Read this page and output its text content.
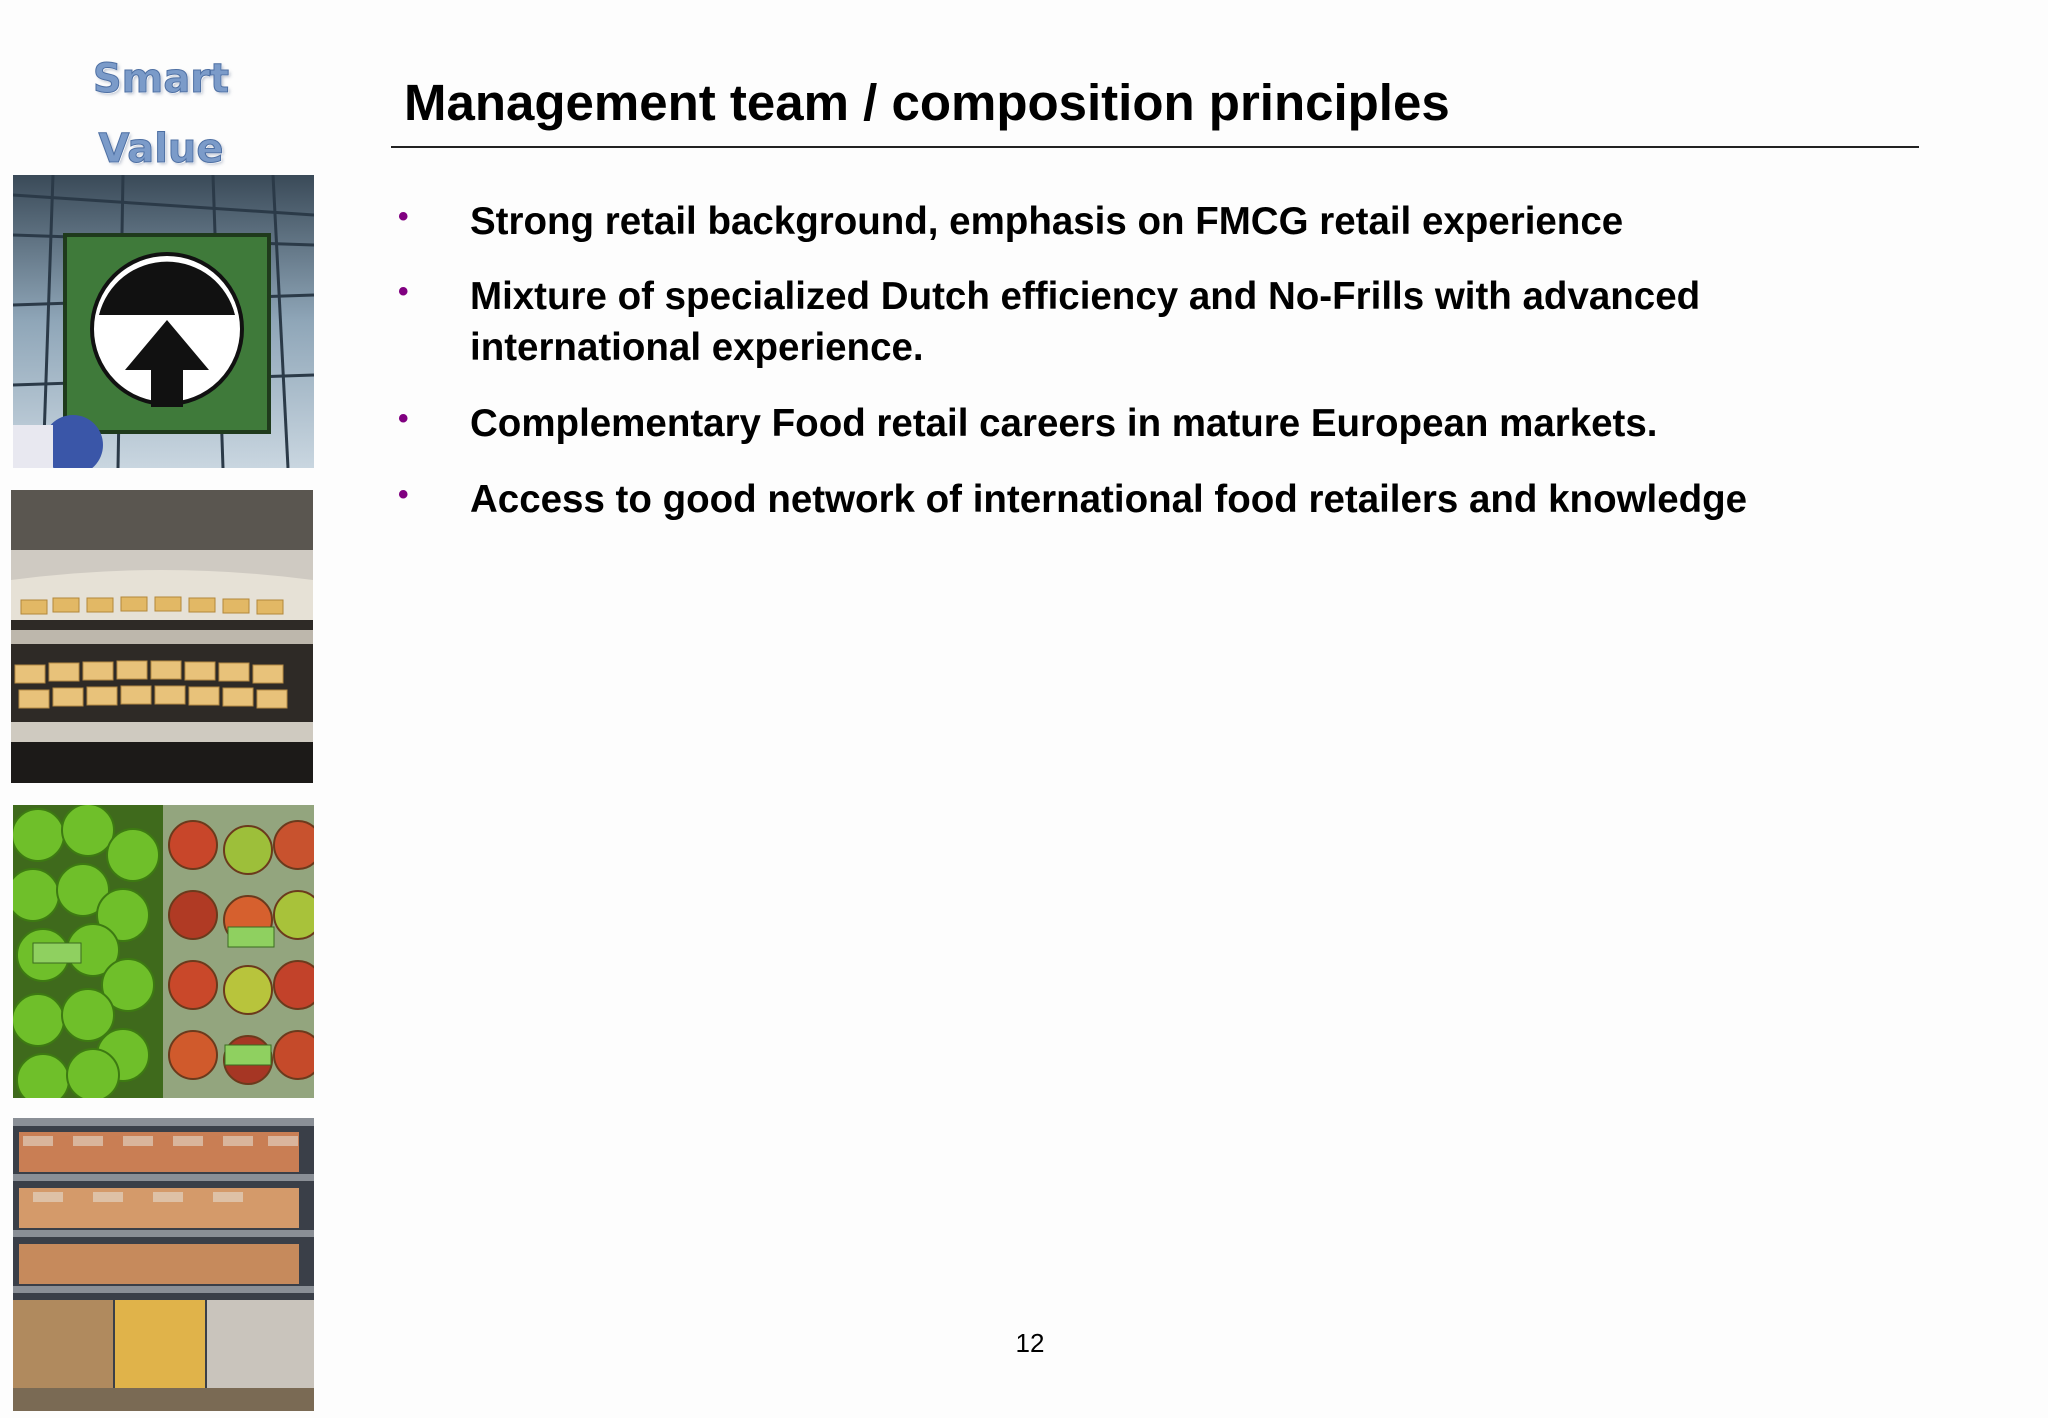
Smart
Value
Management team / composition principles
• Strong retail background, emphasis on FMCG retail experience
• Mixture of specialized Dutch efficiency and No-Frills with advanced international experience.
• Complementary Food retail careers in mature European markets.
• Access to good network of international food retailers and knowledge
12
